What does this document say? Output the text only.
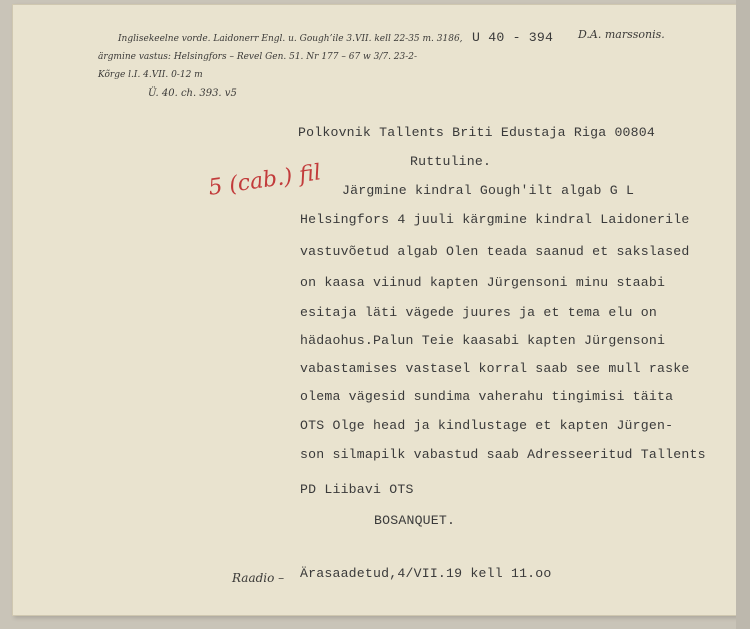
Inglisekeelne vorde. Laidonerr Engl. u. Gough’ile 3.VII. kell 22-35 m. 3186,
ärgmine vastus: Helsingfors – Revel Gen. 51. Nr 177 – 67 w 3/7. 23-2-
Kõrge l.I. 4.VII. 0-12 m
Ü. 40. ch. 393. v5
U 40 - 394 D.A. marssonis.
5 (cab.) fil
Polkovnik Tallents Briti Edustaja Riga 00804
Ruttuline.
Järgmine kindral Gough'ilt algab G L
Helsingfors 4 juuli kärgmine kindral Laidonerile
vastuvõetud algab Olen teada saanud et sakslased
on kaasa viinud kapten Jürgensoni minu staabi
esitaja läti vägede juures ja et tema elu on
hädaohus.Palun Teie kaasabi kapten Jürgensoni
vabastamises vastasel korral saab see mull raske
olema vägesid sundima vaherahu tingimisi täita
OTS Olge head ja kindlustage et kapten Jürgen-
son silmapilk vabastud saab Adresseeritud Tallents
PD Liibavi OTS
BOSANQUET.
Raadio – Ärasaadetud,4/VII.19 kell 11.oo
